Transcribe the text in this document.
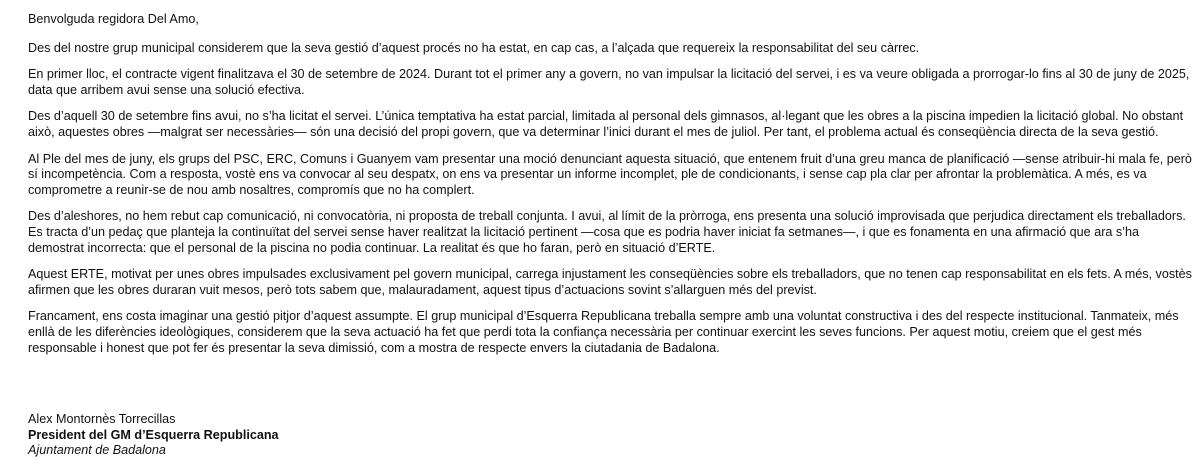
Benvolguda regidora Del Amo,

Des del nostre grup municipal considerem que la seva gestió d’aquest procés no ha estat, en cap cas, a l’alçada que requereix la responsabilitat del seu càrrec.

En primer lloc, el contracte vigent finalitzava el 30 de setembre de 2024. Durant tot el primer any a govern, no van impulsar la licitació del servei, i es va veure obligada a prorrogar-lo fins al 30 de juny de 2025, data que arribem avui sense una solució efectiva.

Des d’aquell 30 de setembre fins avui, no s’ha licitat el servei. L’única temptativa ha estat parcial, limitada al personal dels gimnasos, al·legant que les obres a la piscina impedien la licitació global. No obstant això, aquestes obres —malgrat ser necessàries— són una decisió del propi govern, que va determinar l’inici durant el mes de juliol. Per tant, el problema actual és conseqüència directa de la seva gestió.

Al Ple del mes de juny, els grups del PSC, ERC, Comuns i Guanyem vam presentar una moció denunciant aquesta situació, que entenem fruit d’una greu manca de planificació —sense atribuir-hi mala fe, però sí incompetència. Com a resposta, vostè ens va convocar al seu despatx, on ens va presentar un informe incomplet, ple de condicionants, i sense cap pla clar per afrontar la problemàtica. A més, es va comprometre a reunir-se de nou amb nosaltres, compromís que no ha complert.

Des d’aleshores, no hem rebut cap comunicació, ni convocatòria, ni proposta de treball conjunta. I avui, al límit de la pròrroga, ens presenta una solució improvisada que perjudica directament els treballadors. Es tracta d’un pedaç que planteja la continuïtat del servei sense haver realitzat la licitació pertinent —cosa que es podria haver iniciat fa setmanes—, i que es fonamenta en una afirmació que ara s’ha demostrat incorrecta: que el personal de la piscina no podia continuar. La realitat és que ho faran, però en situació d’ERTE.

Aquest ERTE, motivat per unes obres impulsades exclusivament pel govern municipal, carrega injustament les conseqüències sobre els treballadors, que no tenen cap responsabilitat en els fets. A més, vostès afirmen que les obres duraran vuit mesos, però tots sabem que, malauradament, aquest tipus d’actuacions sovint s’allarguen més del previst.

Francament, ens costa imaginar una gestió pitjor d’aquest assumpte. El grup municipal d’Esquerra Republicana treballa sempre amb una voluntat constructiva i des del respecte institucional. Tanmateix, més enllà de les diferències ideològiques, considerem que la seva actuació ha fet que perdi tota la confiança necessària per continuar exercint les seves funcions. Per aquest motiu, creiem que el gest més responsable i honest que pot fer és presentar la seva dimissió, com a mostra de respecte envers la ciutadania de Badalona.

Alex Montornès Torrecillas
President del GM d’Esquerra Republicana
Ajuntament de Badalona
